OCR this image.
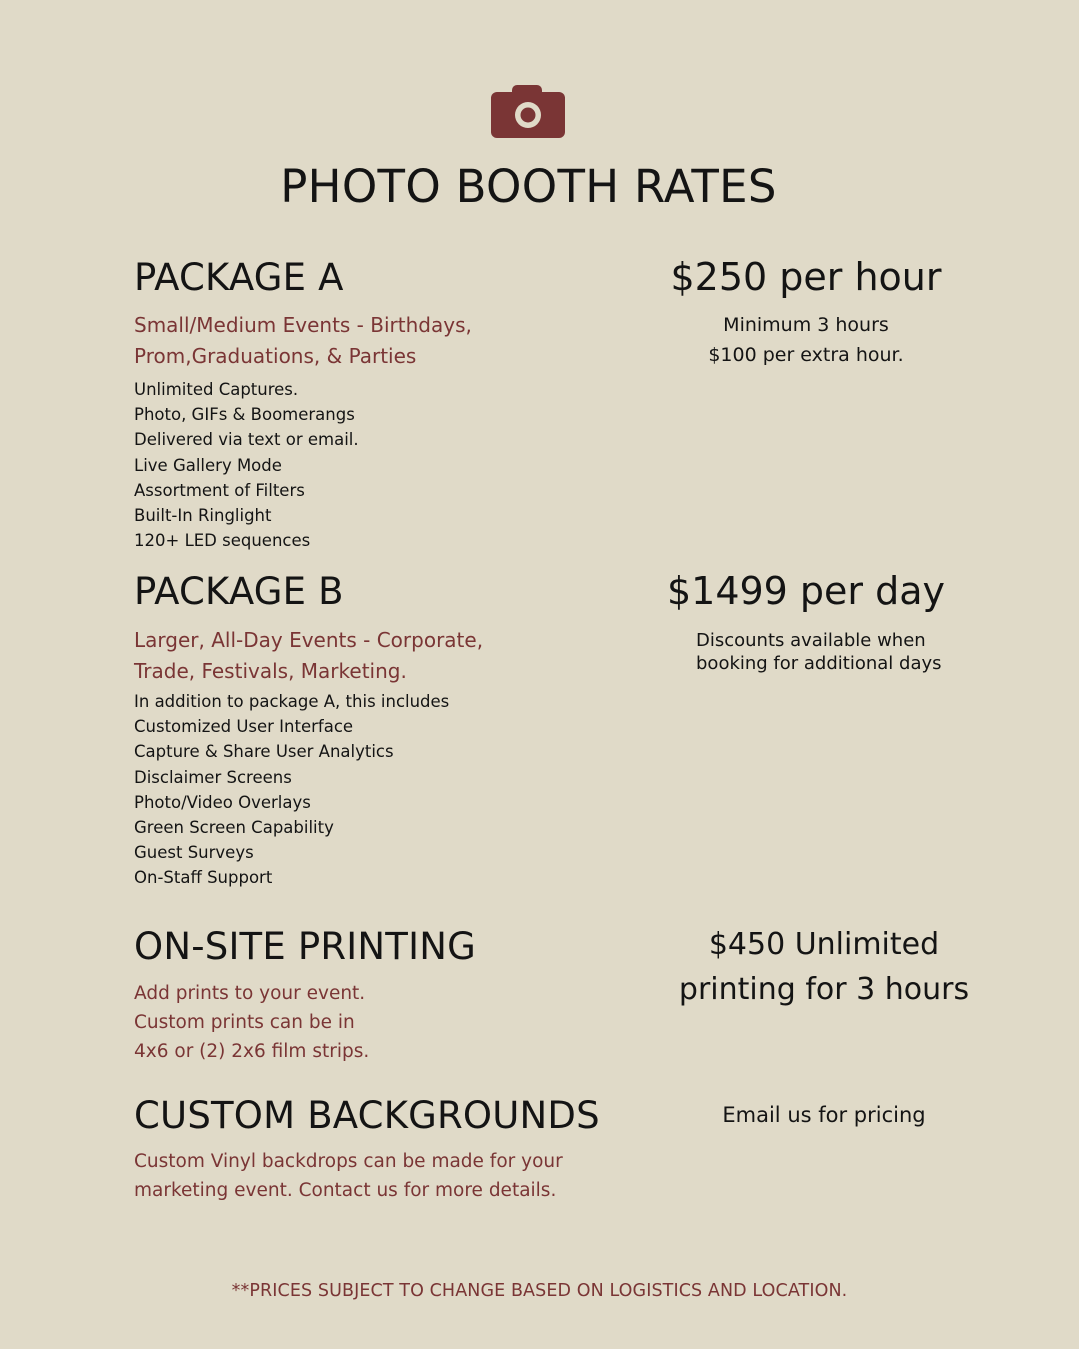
PHOTO BOOTH RATES
PACKAGE A
Small/Medium Events - Birthdays,
Prom,Graduations, & Parties
Unlimited Captures.
Photo, GIFs & Boomerangs
Delivered via text or email.
Live Gallery Mode
Assortment of Filters
Built-In Ringlight
120+ LED sequences
$250 per hour
Minimum 3 hours
$100 per extra hour.
PACKAGE B
Larger, All-Day Events - Corporate,
Trade, Festivals, Marketing.
In addition to package A, this includes
Customized User Interface
Capture & Share User Analytics
Disclaimer Screens
Photo/Video Overlays
Green Screen Capability
Guest Surveys
On-Staff Support
$1499 per day
Discounts available when
booking for additional days
ON-SITE PRINTING
Add prints to your event.
Custom prints can be in
4x6 or (2) 2x6 film strips.
$450 Unlimited
printing for 3 hours
CUSTOM BACKGROUNDS
Custom Vinyl backdrops can be made for your
marketing event. Contact us for more details.
Email us for pricing
**PRICES SUBJECT TO CHANGE BASED ON LOGISTICS AND LOCATION.
